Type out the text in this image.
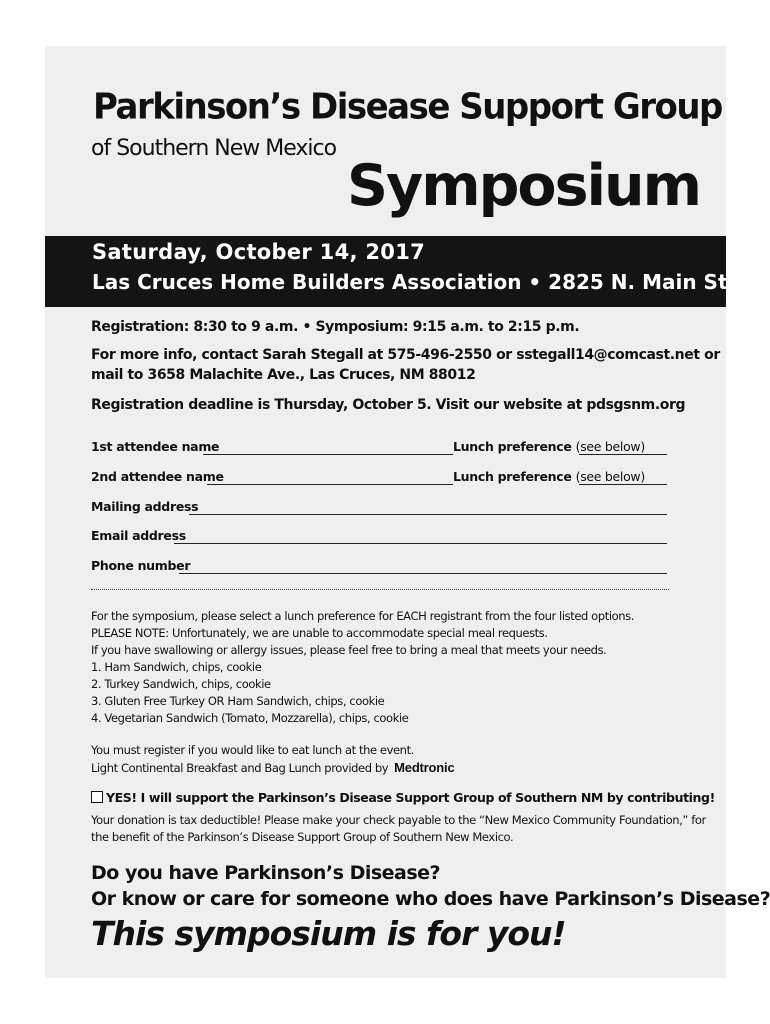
Parkinson’s Disease Support Group
of Southern New Mexico
Symposium
Saturday, October 14, 2017
Las Cruces Home Builders Association • 2825 N. Main St.
Registration: 8:30 to 9 a.m. • Symposium: 9:15 a.m. to 2:15 p.m.
For more info, contact Sarah Stegall at 575-496-2550 or sstegall14@comcast.net or
mail to 3658 Malachite Ave., Las Cruces, NM 88012
Registration deadline is Thursday, October 5. Visit our website at pdsgsnm.org
1st attendee name	Lunch preference (see below)
2nd attendee name	Lunch preference (see below)
Mailing address
Email address
Phone number
For the symposium, please select a lunch preference for EACH registrant from the four listed options.
PLEASE NOTE: Unfortunately, we are unable to accommodate special meal requests.
If you have swallowing or allergy issues, please feel free to bring a meal that meets your needs.
1. Ham Sandwich, chips, cookie
2. Turkey Sandwich, chips, cookie
3. Gluten Free Turkey OR Ham Sandwich, chips, cookie
4. Vegetarian Sandwich (Tomato, Mozzarella), chips, cookie
You must register if you would like to eat lunch at the event.
Light Continental Breakfast and Bag Lunch provided by Medtronic
YES! I will support the Parkinson’s Disease Support Group of Southern NM by contributing!
Your donation is tax deductible! Please make your check payable to the “New Mexico Community Foundation,” for
the benefit of the Parkinson’s Disease Support Group of Southern New Mexico.
Do you have Parkinson’s Disease?
Or know or care for someone who does have Parkinson’s Disease?
This symposium is for you!
